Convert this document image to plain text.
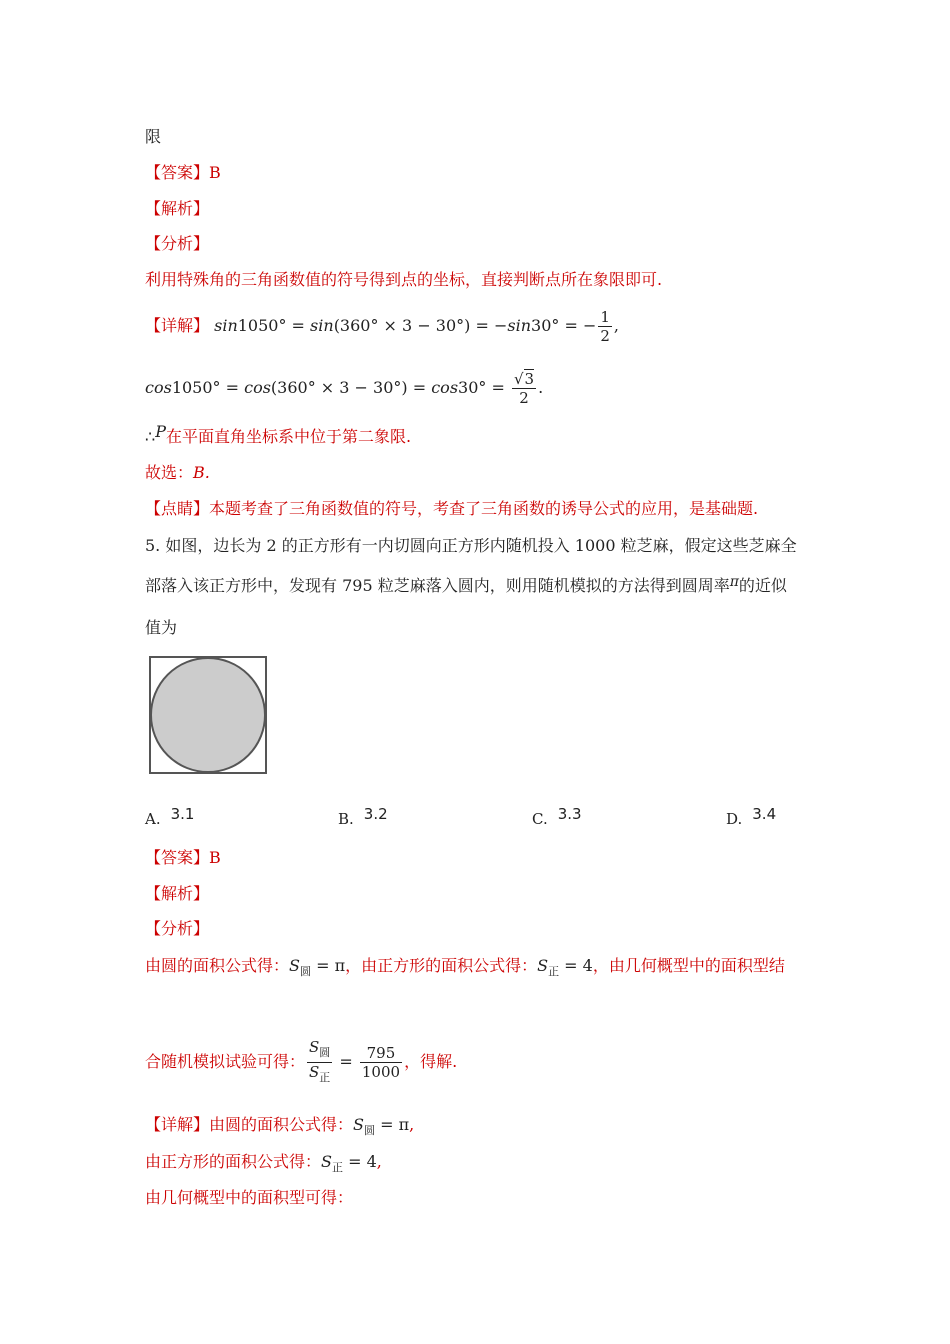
限
【答案】B
【解析】
【分析】
利用特殊角的三角函数值的符号得到点的坐标，直接判断点所在象限即可.
【详解】 sin1050° = sin(360° × 3 − 30°) = −sin30° = − $\frac{1}{2}$ ,
$\cos 1050^\circ = \cos(360^\circ \times 3 - 30^\circ) = \cos 30^\circ = \frac{√3}{2}$ .
∴P在平面直角坐标系中位于第二象限.
故选：B.
【点睛】本题考查了三角函数值的符号，考查了三角函数的诱导公式的应用，是基础题.
5. 如图，边长为 2 的正方形有一内切圆向正方形内随机投入 1000 粒芝麻，假定这些芝麻全
部落入该正方形中，发现有 795 粒芝麻落入圆内，则用随机模拟的方法得到圆周率π的近似
值为
A. 3.1	B. 3.2	C. 3.3	D. 3.4
【答案】B
【解析】
【分析】
由圆的面积公式得：$S_圆 = \pi$，由正方形的面积公式得：$S_正 = 4$，由几何概型中的面积型结
合随机模拟试验可得： $\frac{S_圆}{S_正} = \frac{795}{1000}$ ，得解.
【详解】由圆的面积公式得：$S_圆 = \pi$,
由正方形的面积公式得：$S_正 = 4$,
由几何概型中的面积型可得：
